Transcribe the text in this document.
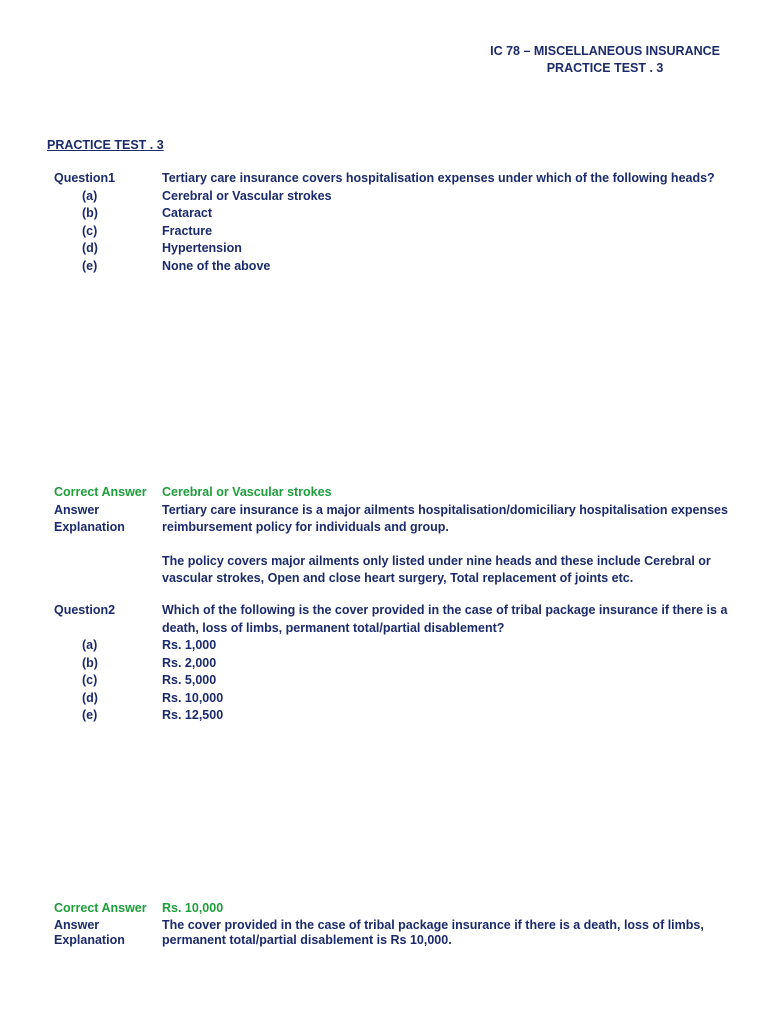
IC 78 – MISCELLANEOUS INSURANCE
PRACTICE TEST . 3
PRACTICE TEST . 3
Question1	Tertiary care insurance covers hospitalisation expenses under which of the following heads?
(a)	Cerebral or Vascular strokes
(b)	Cataract
(c)	Fracture
(d)	Hypertension
(e)	None of the above
Correct Answer	Cerebral or Vascular strokes
Answer	Tertiary care insurance is a major ailments hospitalisation/domiciliary hospitalisation expenses
Explanation	reimbursement policy for individuals and group.
The policy covers major ailments only listed under nine heads and these include Cerebral or
vascular strokes, Open and close heart surgery, Total replacement of joints etc.
Question2	Which of the following is the cover provided in the case of tribal package insurance if there is a
death, loss of limbs, permanent total/partial disablement?
(a)	Rs. 1,000
(b)	Rs. 2,000
(c)	Rs. 5,000
(d)	Rs. 10,000
(e)	Rs. 12,500
Correct Answer	Rs. 10,000
Answer	The cover provided in the case of tribal package insurance if there is a death, loss of limbs,
Explanation	permanent total/partial disablement is Rs 10,000.
